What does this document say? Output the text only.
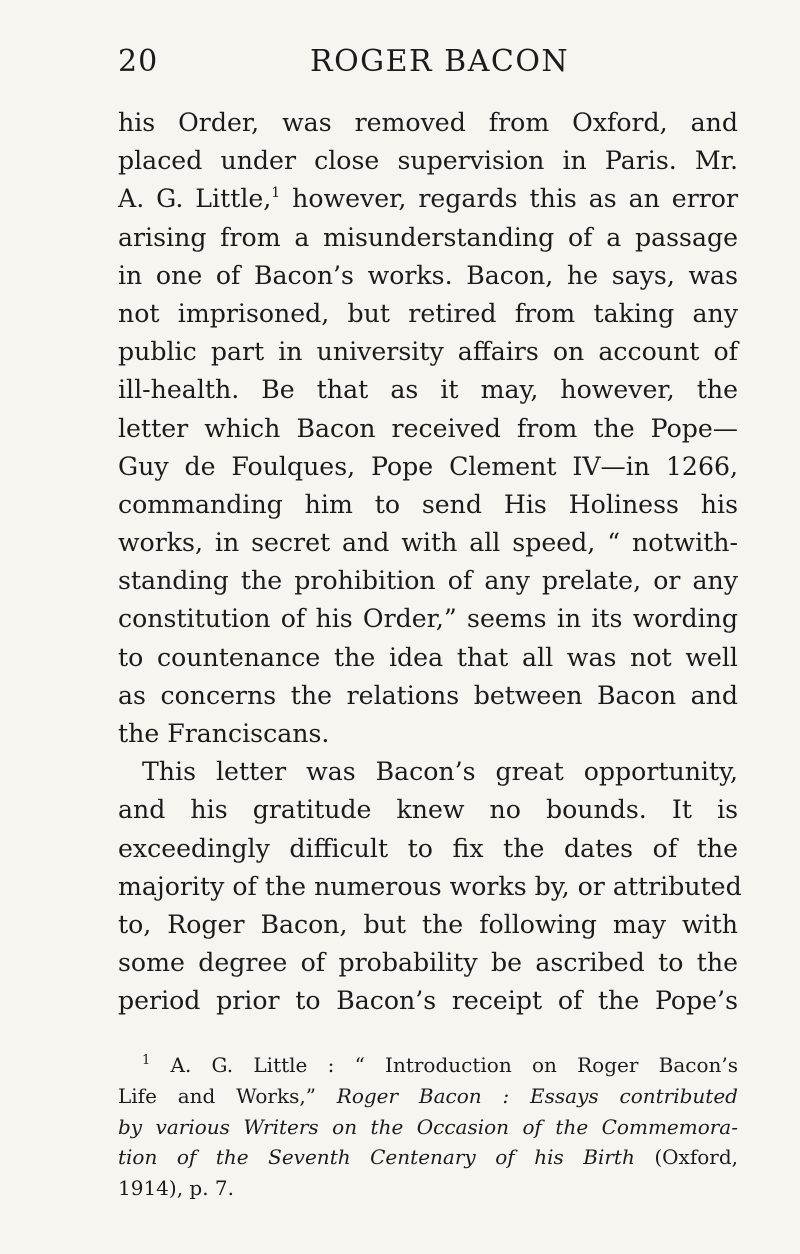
20	ROGER BACON
his Order, was removed from Oxford, and
placed under close supervision in Paris. Mr.
A. G. Little,$^1$ however, regards this as an error
arising from a misunderstanding of a passage
in one of Bacon’s works. Bacon, he says, was
not imprisoned, but retired from taking any
public part in university affairs on account of
ill-health. Be that as it may, however, the
letter which Bacon received from the Pope—
Guy de Foulques, Pope Clement IV—in 1266,
commanding him to send His Holiness his
works, in secret and with all speed, “ notwith-
standing the prohibition of any prelate, or any
constitution of his Order,” seems in its wording
to countenance the idea that all was not well
as concerns the relations between Bacon and
the Franciscans.
This letter was Bacon’s great opportunity,
and his gratitude knew no bounds. It is
exceedingly difficult to fix the dates of the
majority of the numerous works by, or attributed
to, Roger Bacon, but the following may with
some degree of probability be ascribed to the
period prior to Bacon’s receipt of the Pope’s
$^1$ A. G. Little : “ Introduction on Roger Bacon’s
Life and Works,” Roger Bacon : Essays contributed
by various Writers on the Occasion of the Commemora-
tion of the Seventh Centenary of his Birth (Oxford,
1914), p. 7.
